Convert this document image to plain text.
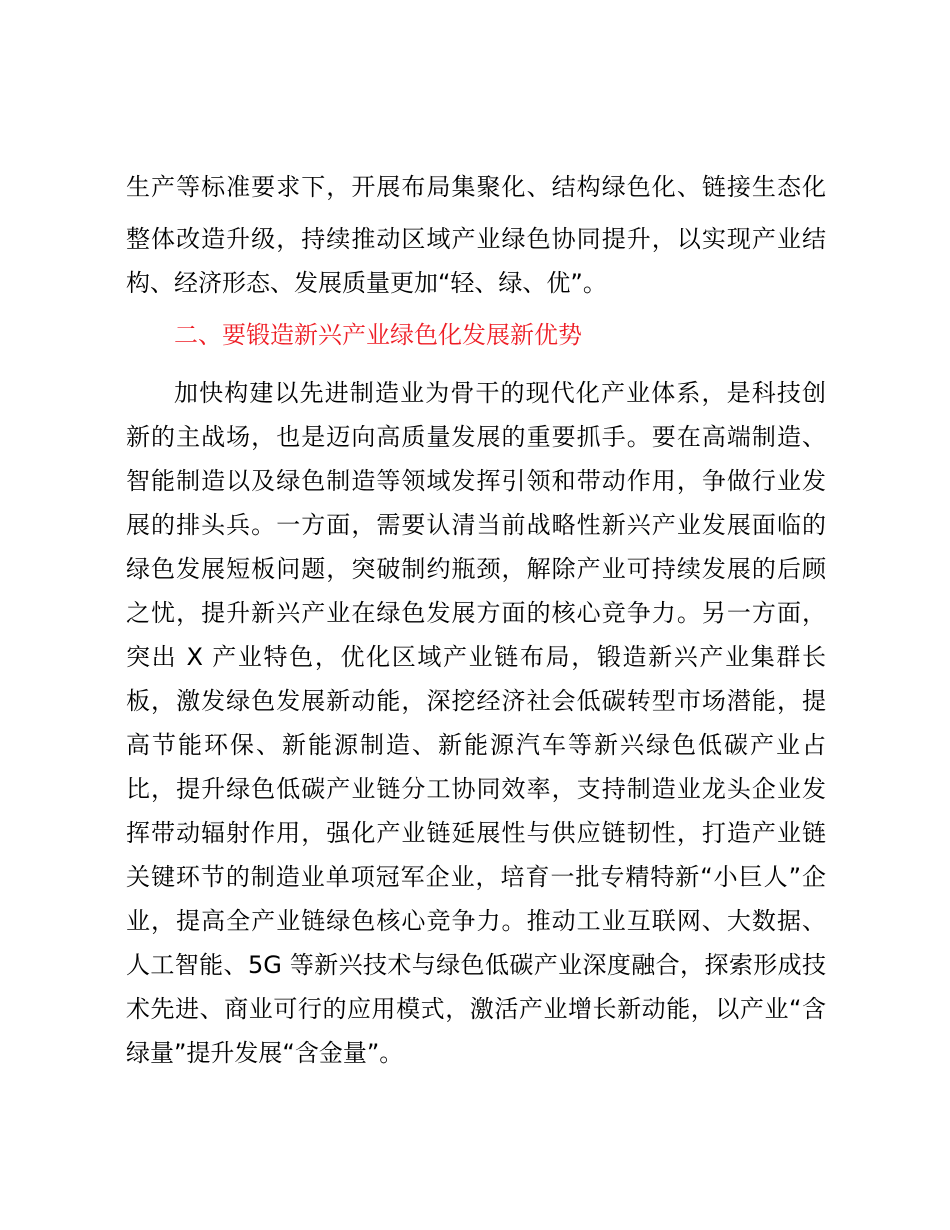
生产等标准要求下，开展布局集聚化、结构绿色化、链接生态化

整体改造升级，持续推动区域产业绿色协同提升，以实现产业结

构、经济形态、发展质量更加“轻、绿、优”。

二、要锻造新兴产业绿色化发展新优势

加快构建以先进制造业为骨干的现代化产业体系，是科技创

新的主战场，也是迈向高质量发展的重要抓手。要在高端制造、

智能制造以及绿色制造等领域发挥引领和带动作用，争做行业发

展的排头兵。一方面，需要认清当前战略性新兴产业发展面临的

绿色发展短板问题，突破制约瓶颈，解除产业可持续发展的后顾

之忧，提升新兴产业在绿色发展方面的核心竞争力。另一方面，

突出 X 产业特色，优化区域产业链布局，锻造新兴产业集群长

板，激发绿色发展新动能，深挖经济社会低碳转型市场潜能，提

高节能环保、新能源制造、新能源汽车等新兴绿色低碳产业占

比，提升绿色低碳产业链分工协同效率，支持制造业龙头企业发

挥带动辐射作用，强化产业链延展性与供应链韧性，打造产业链

关键环节的制造业单项冠军企业，培育一批专精特新“小巨人”企

业，提高全产业链绿色核心竞争力。推动工业互联网、大数据、

人工智能、5G 等新兴技术与绿色低碳产业深度融合，探索形成技

术先进、商业可行的应用模式，激活产业增长新动能，以产业“含

绿量”提升发展“含金量”。
